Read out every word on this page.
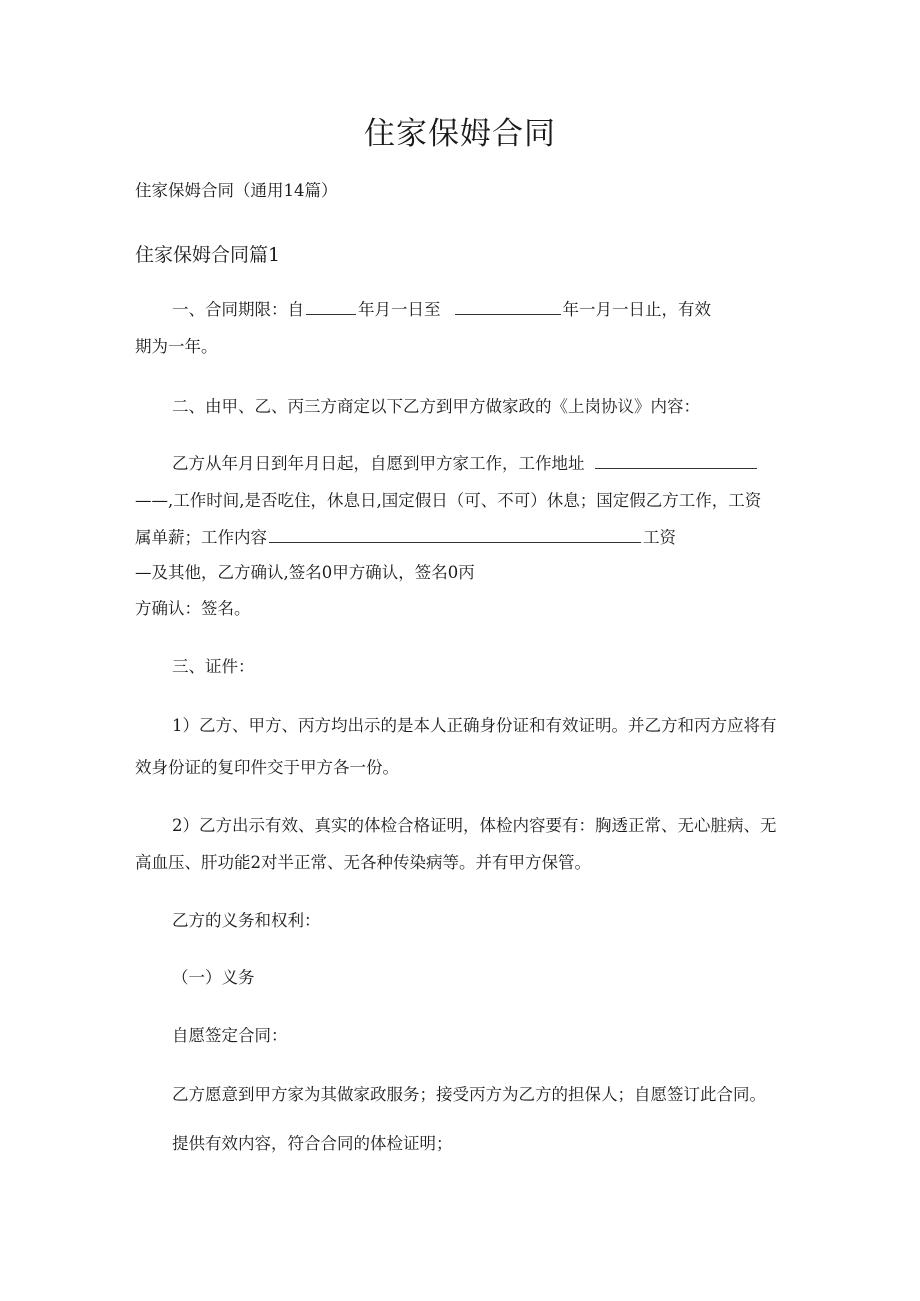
住家保姆合同

住家保姆合同（通用14篇）

住家保姆合同篇1

一、合同期限：自	年月一日至	年一月一日止，有效

期为一年。

二、由甲、乙、丙三方商定以下乙方到甲方做家政的《上岗协议》内容：

乙方从年月日到年月日起，自愿到甲方家工作，工作地址

——,工作时间,是否吃住，休息日,国定假日（可、不可）休息；国定假乙方工作，工资

属单薪；工作内容	工资

—及其他，乙方确认,签名0甲方确认，签名0丙

方确认：签名。

三、证件：

1）乙方、甲方、丙方均出示的是本人正确身份证和有效证明。并乙方和丙方应将有

效身份证的复印件交于甲方各一份。

2）乙方出示有效、真实的体检合格证明，体检内容要有：胸透正常、无心脏病、无

高血压、肝功能2对半正常、无各种传染病等。并有甲方保管。

乙方的义务和权利：

（一）义务

自愿签定合同：

乙方愿意到甲方家为其做家政服务；接受丙方为乙方的担保人；自愿签订此合同。

提供有效内容，符合合同的体检证明；
